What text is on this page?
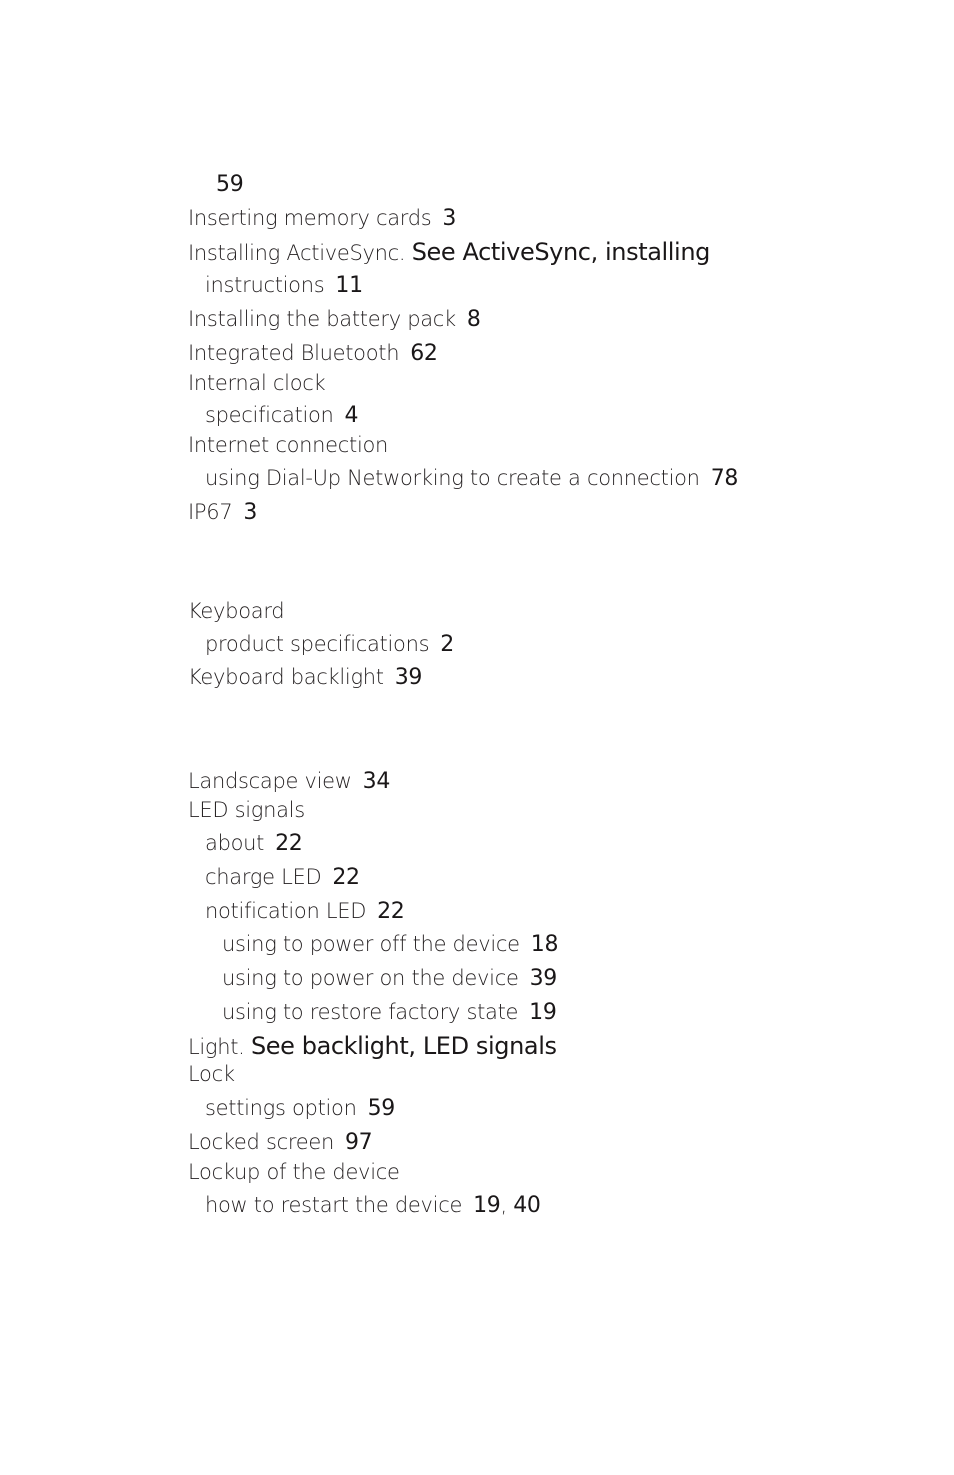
59
Inserting memory cards 3
Installing ActiveSync. See ActiveSync, installing
instructions 11
Installing the battery pack 8
Integrated Bluetooth 62
Internal clock
specification 4
Internet connection
using Dial-Up Networking to create a connection 78
IP67 3
Keyboard
product specifications 2
Keyboard backlight 39
Landscape view 34
LED signals
about 22
charge LED 22
notification LED 22
using to power off the device 18
using to power on the device 39
using to restore factory state 19
Light. See backlight, LED signals
Lock
settings option 59
Locked screen 97
Lockup of the device
how to restart the device 19, 40
